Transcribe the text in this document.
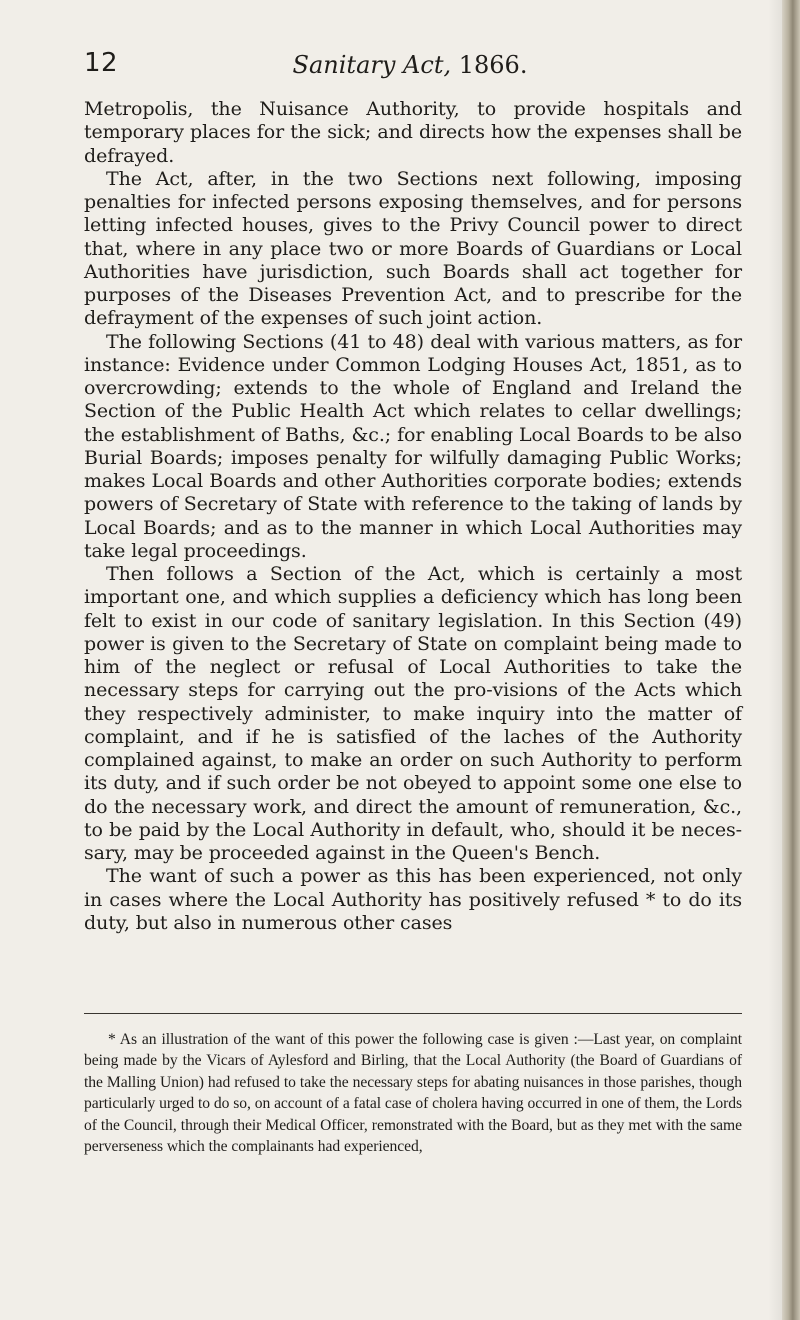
12	Sanitary Act, 1866.

Metropolis, the Nuisance Authority, to provide hospitals and temporary places for the sick; and directs how the expenses shall be defrayed.

The Act, after, in the two Sections next following, imposing penalties for infected persons exposing themselves, and for persons letting infected houses, gives to the Privy Council power to direct that, where in any place two or more Boards of Guardians or Local Authorities have jurisdiction, such Boards shall act together for purposes of the Diseases Prevention Act, and to prescribe for the defrayment of the expenses of such joint action.

The following Sections (41 to 48) deal with various matters, as for instance: Evidence under Common Lodging Houses Act, 1851, as to overcrowding; extends to the whole of England and Ireland the Section of the Public Health Act which relates to cellar dwellings; the establishment of Baths, &c.; for enabling Local Boards to be also Burial Boards; imposes penalty for wilfully damaging Public Works; makes Local Boards and other Authorities corporate bodies; extends powers of Secretary of State with reference to the taking of lands by Local Boards; and as to the manner in which Local Authorities may take legal proceedings.

Then follows a Section of the Act, which is certainly a most important one, and which supplies a deficiency which has long been felt to exist in our code of sanitary legislation. In this Section (49) power is given to the Secretary of State on complaint being made to him of the neglect or refusal of Local Authorities to take the necessary steps for carrying out the pro-visions of the Acts which they respectively administer, to make inquiry into the matter of complaint, and if he is satisfied of the laches of the Authority complained against, to make an order on such Authority to perform its duty, and if such order be not obeyed to appoint some one else to do the necessary work, and direct the amount of remuneration, &c., to be paid by the Local Authority in default, who, should it be neces-sary, may be proceeded against in the Queen's Bench.

The want of such a power as this has been experienced, not only in cases where the Local Authority has positively refused * to do its duty, but also in numerous other cases

* As an illustration of the want of this power the following case is given :—Last year, on complaint being made by the Vicars of Aylesford and Birling, that the Local Authority (the Board of Guardians of the Malling Union) had refused to take the necessary steps for abating nuisances in those parishes, though particularly urged to do so, on account of a fatal case of cholera having occurred in one of them, the Lords of the Council, through their Medical Officer, remonstrated with the Board, but as they met with the same perverseness which the complainants had experienced,
